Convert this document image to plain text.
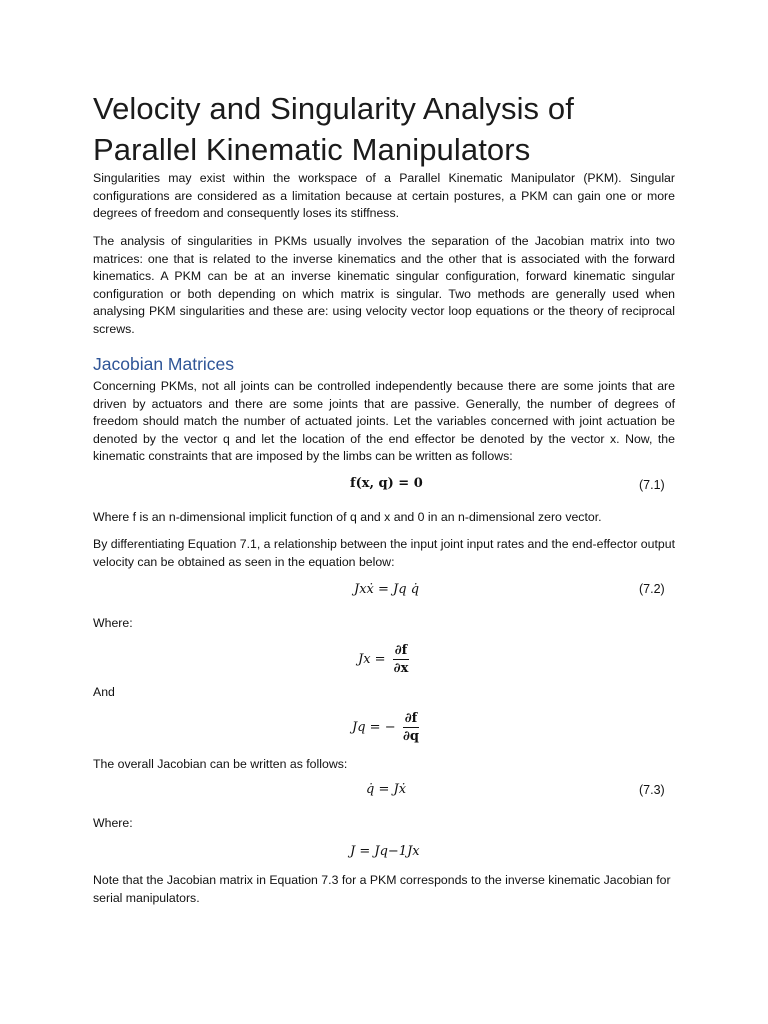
Velocity and Singularity Analysis of
Parallel Kinematic Manipulators
Singularities may exist within the workspace of a Parallel Kinematic Manipulator (PKM). Singular configurations are considered as a limitation because at certain postures, a PKM can gain one or more degrees of freedom and consequently loses its stiffness.
The analysis of singularities in PKMs usually involves the separation of the Jacobian matrix into two matrices: one that is related to the inverse kinematics and the other that is associated with the forward kinematics. A PKM can be at an inverse kinematic singular configuration, forward kinematic singular configuration or both depending on which matrix is singular. Two methods are generally used when analysing PKM singularities and these are: using velocity vector loop equations or the theory of reciprocal screws.
Jacobian Matrices
Concerning PKMs, not all joints can be controlled independently because there are some joints that are driven by actuators and there are some joints that are passive. Generally, the number of degrees of freedom should match the number of actuated joints. Let the variables concerned with joint actuation be denoted by the vector q and let the location of the end effector be denoted by the vector x. Now, the kinematic constraints that are imposed by the limbs can be written as follows:
f(x, q) = 0	(7.1)
Where f is an n-dimensional implicit function of q and x and 0 in an n-dimensional zero vector.
By differentiating Equation 7.1, a relationship between the input joint input rates and the end-effector output velocity can be obtained as seen in the equation below:
Jxẋ = Jq q̇	(7.2)
Where:
$Jx = \frac{\partial f}{\partial x}$
And
Jq = − $\frac{\partial f}{\partial q}$
The overall Jacobian can be written as follows:
q̇ = Jẋ	(7.3)
Where:
J = Jq−1Jx
Note that the Jacobian matrix in Equation 7.3 for a PKM corresponds to the inverse kinematic Jacobian for serial manipulators.
